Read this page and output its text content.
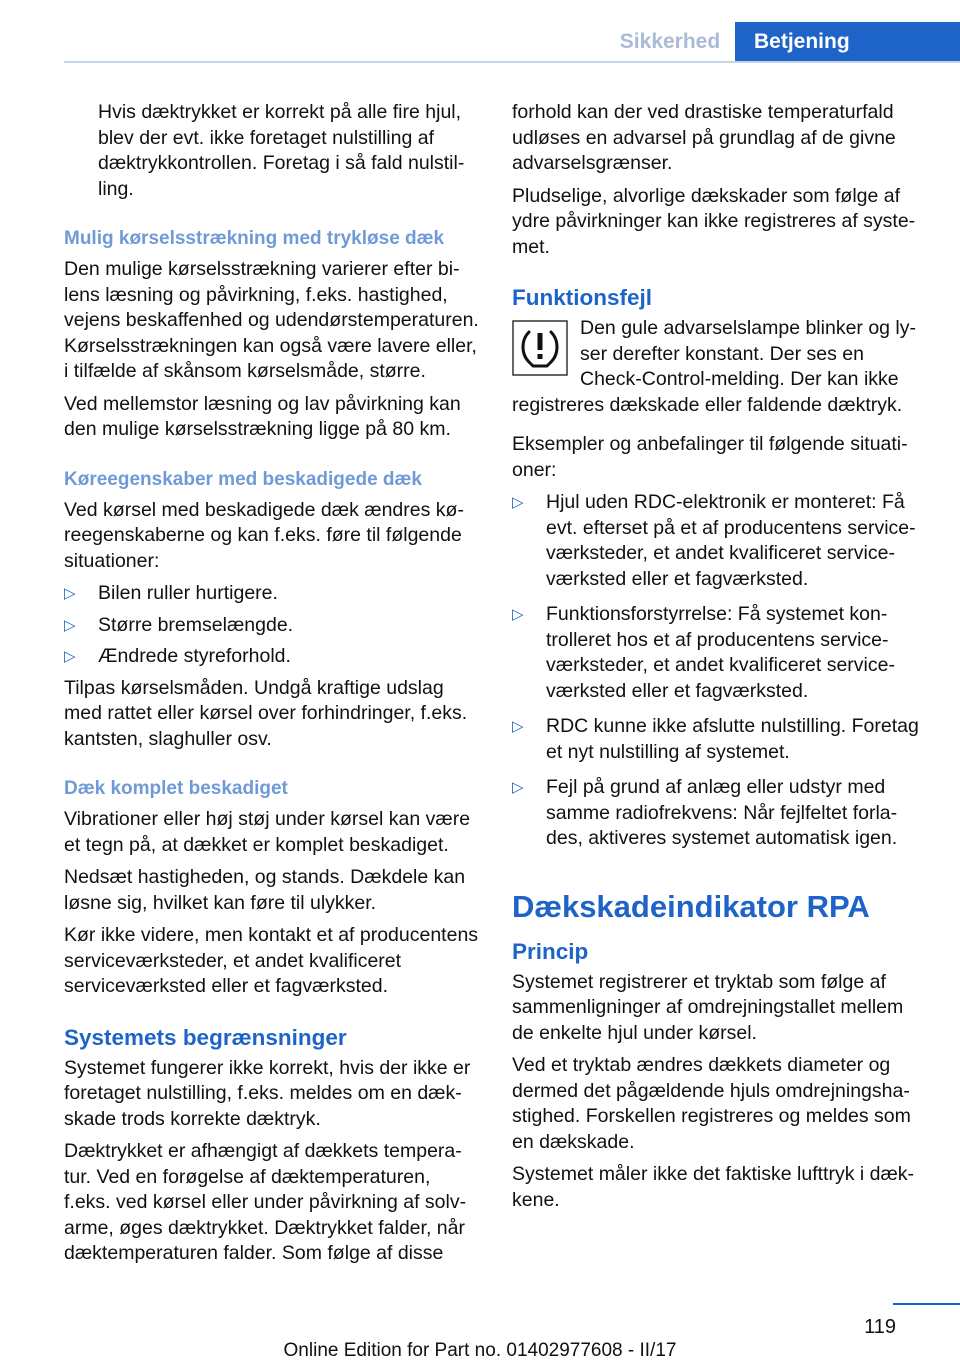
Sikkerhed	Betjening

Hvis dæktrykket er korrekt på alle fire hjul, blev der evt. ikke foretaget nulstilling af dæktrykkontrollen. Foretag i så fald nulstilling.

Mulig kørselsstrækning med trykløse dæk

Den mulige kørselsstrækning varierer efter bilens læsning og påvirkning, f.eks. hastighed, vejens beskaffenhed og udendørstemperaturen. Kørselsstrækningen kan også være lavere eller, i tilfælde af skånsom kørselsmåde, større.

Ved mellemstor læsning og lav påvirkning kan den mulige kørselsstrækning ligge på 80 km.

Køreegenskaber med beskadigede dæk

Ved kørsel med beskadigede dæk ændres køreegenskaberne og kan f.eks. føre til følgende situationer:

▷ Bilen ruller hurtigere.
▷ Større bremselængde.
▷ Ændrede styreforhold.

Tilpas kørselsmåden. Undgå kraftige udslag med rattet eller kørsel over forhindringer, f.eks. kantsten, slaghuller osv.

Dæk komplet beskadiget

Vibrationer eller høj støj under kørsel kan være et tegn på, at dækket er komplet beskadiget.

Nedsæt hastigheden, og stands. Dækdele kan løsne sig, hvilket kan føre til ulykker.

Kør ikke videre, men kontakt et af producentens serviceværksteder, et andet kvalificeret serviceværksted eller et fagværksted.

Systemets begrænsninger

Systemet fungerer ikke korrekt, hvis der ikke er foretaget nulstilling, f.eks. meldes om en dækskade trods korrekte dæktryk.

Dæktrykket er afhængigt af dækkets temperatur. Ved en forøgelse af dæktemperaturen, f.eks. ved kørsel eller under påvirkning af solvarme, øges dæktrykket. Dæktrykket falder, når dæktemperaturen falder. Som følge af disse

forhold kan der ved drastiske temperaturfald udløses en advarsel på grundlag af de givne advarselsgrænser.

Pludselige, alvorlige dækskader som følge af ydre påvirkninger kan ikke registreres af systemet.

Funktionsfejl
Den gule advarselslampe blinker og lyser derefter konstant. Der ses en Check-Control-melding. Der kan ikke registreres dækskade eller faldende dæktryk.

Eksempler og anbefalinger til følgende situationer:

▷ Hjul uden RDC-elektronik er monteret: Få evt. efterset på et af producentens serviceværksteder, et andet kvalificeret serviceværksted eller et fagværksted.
▷ Funktionsforstyrrelse: Få systemet kontrolleret hos et af producentens serviceværksteder, et andet kvalificeret serviceværksted eller et fagværksted.
▷ RDC kunne ikke afslutte nulstilling. Foretag et nyt nulstilling af systemet.
▷ Fejl på grund af anlæg eller udstyr med samme radiofrekvens: Når fejlfeltet forlades, aktiveres systemet automatisk igen.
Dækskadeindikator RPA
Princip

Systemet registrerer et tryktab som følge af sammenligninger af omdrejningstallet mellem de enkelte hjul under kørsel.

Ved et tryktab ændres dækkets diameter og dermed det pågældende hjuls omdrejningshastighed. Forskellen registreres og meldes som en dækskade.

Systemet måler ikke det faktiske lufttryk i dækkene.

119
Online Edition for Part no. 01402977608 - II/17
